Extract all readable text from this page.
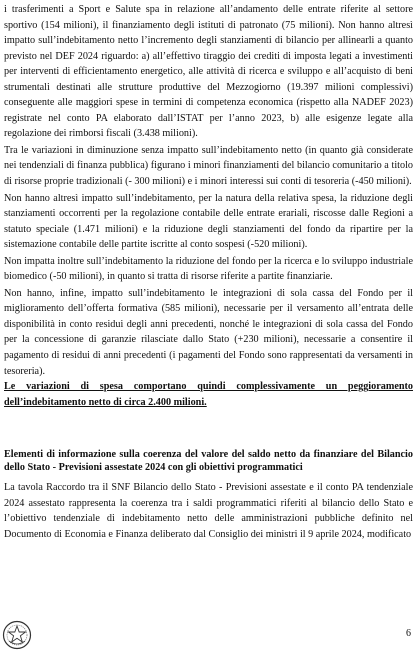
i trasferimenti a Sport e Salute spa in relazione all’andamento delle entrate riferite al settore sportivo (154 milioni), il finanziamento degli istituti di patronato (75 milioni). Non hanno altresì impatto sull’indebitamento netto l’incremento degli stanziamenti di bilancio per allinearli a quanto previsto nel DEF 2024 riguardo: a) all’effettivo tiraggio dei crediti di imposta legati a investimenti per interventi di efficientamento energetico, alle attività di ricerca e sviluppo e all’acquisto di beni strumentali destinati alle strutture produttive del Mezzogiorno (19.397 milioni complessivi) conseguente alle maggiori spese in termini di competenza economica (rispetto alla NADEF 2023) registrate nel conto PA elaborato dall’ISTAT per l’anno 2023, b) alle esigenze legate alla regolazione dei rimborsi fiscali (3.438 milioni).

Tra le variazioni in diminuzione senza impatto sull’indebitamento netto (in quanto già considerate nei tendenziali di finanza pubblica) figurano i minori finanziamenti del bilancio comunitario a titolo di risorse proprie tradizionali (- 300 milioni) e i minori interessi sui conti di tesoreria (-450 milioni).

Non hanno altresì impatto sull’indebitamento, per la natura della relativa spesa, la riduzione degli stanziamenti occorrenti per la regolazione contabile delle entrate erariali, riscosse dalle Regioni a statuto speciale (1.471 milioni) e la riduzione degli stanziamenti del fondo da ripartire per la sistemazione contabile delle partite iscritte al conto sospesi (-520 milioni).

Non impatta inoltre sull’indebitamento la riduzione del fondo per la ricerca e lo sviluppo industriale biomedico (-50 milioni), in quanto si tratta di risorse riferite a partite finanziarie.

Non hanno, infine, impatto sull’indebitamento le integrazioni di sola cassa del Fondo per il miglioramento dell’offerta formativa (585 milioni), necessarie per il versamento all’entrata delle disponibilità in conto residui degli anni precedenti, nonché le integrazioni di sola cassa del Fondo per la concessione di garanzie rilasciate dallo Stato (+230 milioni), necessarie a consentire il pagamento di residui di anni precedenti (i pagamenti del Fondo sono rappresentati da versamenti in tesoreria).

Le variazioni di spesa comportano quindi complessivamente un peggioramento dell’indebitamento netto di circa 2.400 milioni.

Elementi di informazione sulla coerenza del valore del saldo netto da finanziare del Bilancio dello Stato - Previsioni assestate 2024 con gli obiettivi programmatici

La tavola Raccordo tra il SNF Bilancio dello Stato - Previsioni assestate e il conto PA tendenziale 2024 assestato rappresenta la coerenza tra i saldi programmatici riferiti al bilancio dello Stato e l’obiettivo tendenziale di indebitamento netto delle amministrazioni pubbliche definito nel Documento di Economia e Finanza deliberato dal Consiglio dei ministri il 9 aprile 2024, modificato

6
